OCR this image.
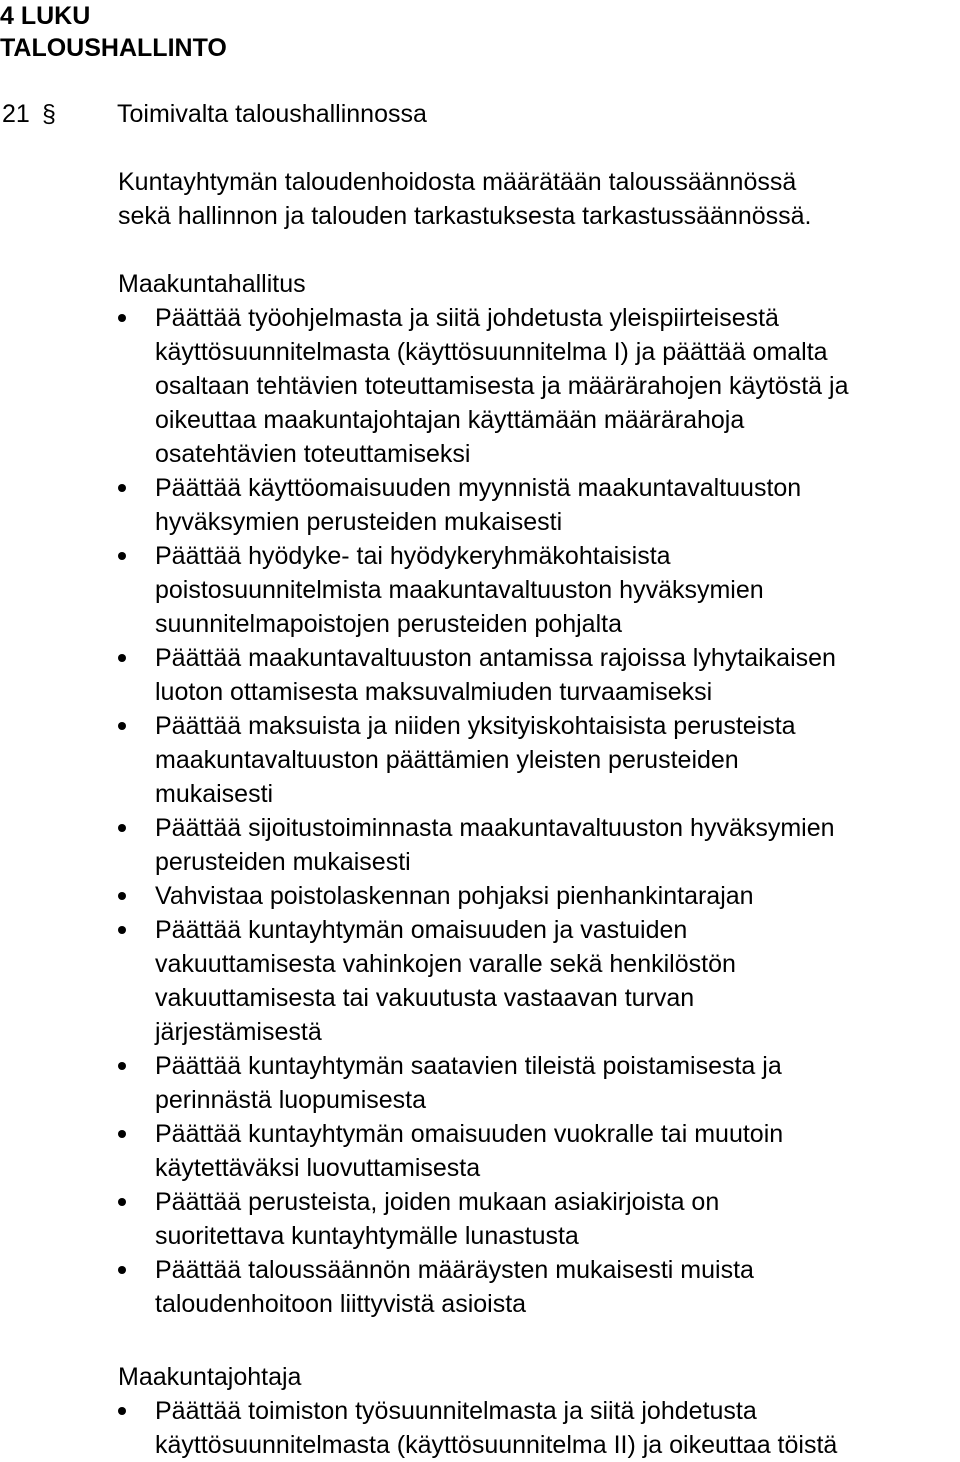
4 LUKU
TALOUSHALLINTO
21 § Toimivalta taloushallinnossa
Kuntayhtymän taloudenhoidosta määrätään taloussäännössä
sekä hallinnon ja talouden tarkastuksesta tarkastussäännössä.
Maakuntahallitus
Päättää työohjelmasta ja siitä johdetusta yleispiirteisestä
käyttösuunnitelmasta (käyttösuunnitelma I) ja päättää omalta
osaltaan tehtävien toteuttamisesta ja määrärahojen käytöstä ja
oikeuttaa maakuntajohtajan käyttämään määrärahoja
osatehtävien toteuttamiseksi
Päättää käyttöomaisuuden myynnistä maakuntavaltuuston
hyväksymien perusteiden mukaisesti
Päättää hyödyke- tai hyödykeryhmäkohtaisista
poistosuunnitelmista maakuntavaltuuston hyväksymien
suunnitelmapoistojen perusteiden pohjalta
Päättää maakuntavaltuuston antamissa rajoissa lyhytaikaisen
luoton ottamisesta maksuvalmiuden turvaamiseksi
Päättää maksuista ja niiden yksityiskohtaisista perusteista
maakuntavaltuuston päättämien yleisten perusteiden
mukaisesti
Päättää sijoitustoiminnasta maakuntavaltuuston hyväksymien
perusteiden mukaisesti
Vahvistaa poistolaskennan pohjaksi pienhankintarajan
Päättää kuntayhtymän omaisuuden ja vastuiden
vakuuttamisesta vahinkojen varalle sekä henkilöstön
vakuuttamisesta tai vakuutusta vastaavan turvan
järjestämisestä
Päättää kuntayhtymän saatavien tileistä poistamisesta ja
perinnästä luopumisesta
Päättää kuntayhtymän omaisuuden vuokralle tai muutoin
käytettäväksi luovuttamisesta
Päättää perusteista, joiden mukaan asiakirjoista on
suoritettava kuntayhtymälle lunastusta
Päättää taloussäännön määräysten mukaisesti muista
taloudenhoitoon liittyvistä asioista
Maakuntajohtaja
Päättää toimiston työsuunnitelmasta ja siitä johdetusta
käyttösuunnitelmasta (käyttösuunnitelma II) ja oikeuttaa töistä
